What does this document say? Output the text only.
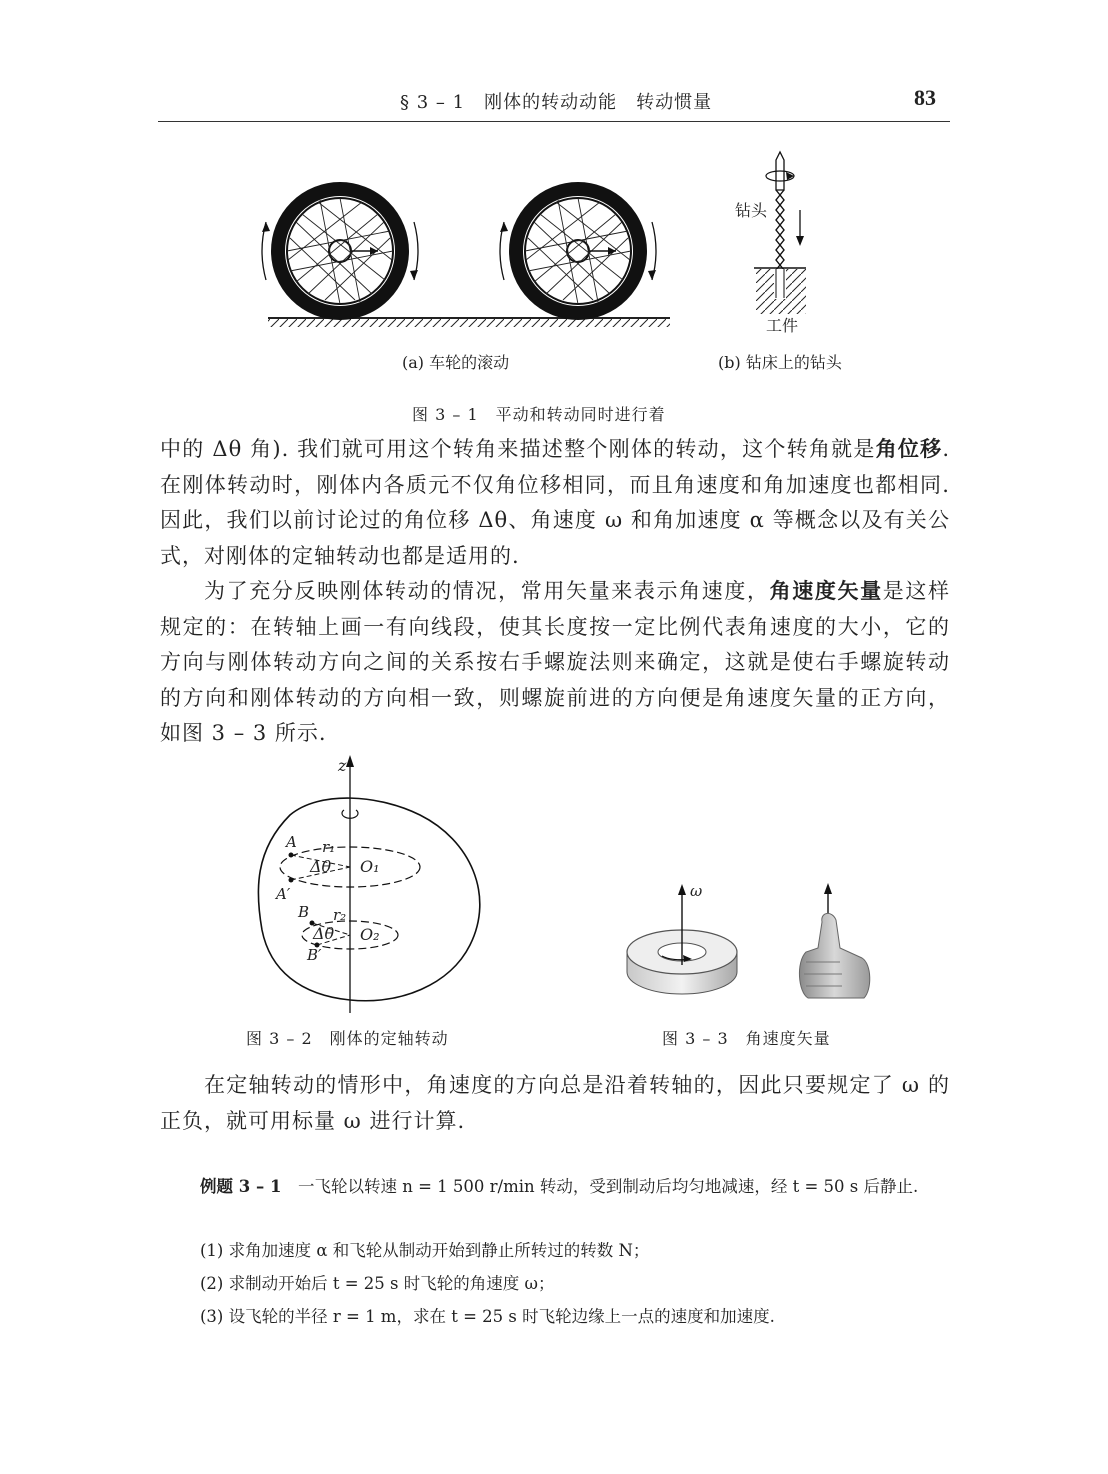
§ 3 – 1　刚体的转动动能　转动惯量	83
钻头
工件
(a) 车轮的滚动	(b) 钻床上的钻头
图 3 – 1　平动和转动同时进行着
中的 Δθ 角). 我们就可用这个转角来描述整个刚体的转动，这个转角就是角位移. 在刚体转动时，刚体内各质元不仅角位移相同，而且角速度和角加速度也都相同. 因此，我们以前讨论过的角位移 Δθ、角速度 ω 和角加速度 α 等概念以及有关公式，对刚体的定轴转动也都是适用的.
为了充分反映刚体转动的情况，常用矢量来表示角速度，角速度矢量是这样规定的：在转轴上画一有向线段，使其长度按一定比例代表角速度的大小，它的方向与刚体转动方向之间的关系按右手螺旋法则来确定，这就是使右手螺旋转动的方向和刚体转动的方向相一致，则螺旋前进的方向便是角速度矢量的正方向，如图 3 – 3 所示.
z
A
A′
B
B′
r₁
r₂
Δθ
Δθ
O₁
O₂
图 3 – 2　刚体的定轴转动
ω
图 3 – 3　角速度矢量
在定轴转动的情形中，角速度的方向总是沿着转轴的，因此只要规定了 ω 的正负，就可用标量 ω 进行计算.
例题 3 – 1　 一飞轮以转速 n = 1 500 r/min 转动，受到制动后均匀地减速，经 t = 50 s 后静止.
(1) 求角加速度 α 和飞轮从制动开始到静止所转过的转数 N；
(2) 求制动开始后 t = 25 s 时飞轮的角速度 ω；
(3) 设飞轮的半径 r = 1 m，求在 t = 25 s 时飞轮边缘上一点的速度和加速度.
